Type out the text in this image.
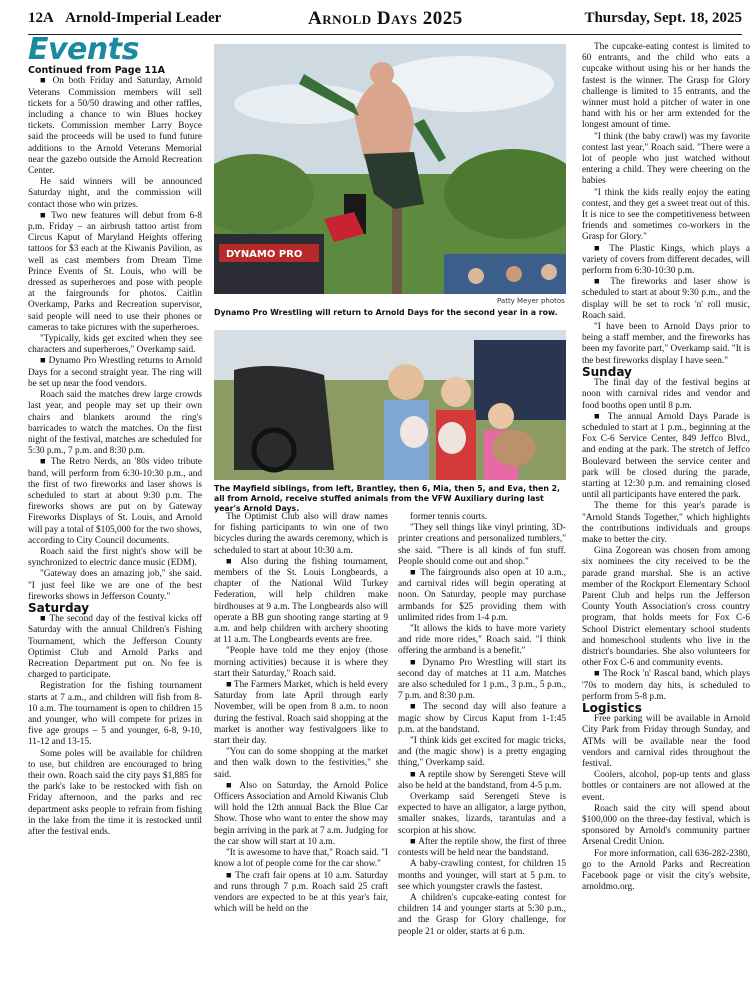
12A Arnold-Imperial Leader	Arnold Days 2025	Thursday, Sept. 18, 2025
Events

Continued from Page 11A

■ On both Friday and Saturday, Arnold Veterans Commission members will sell tickets for a 50/50 drawing and other raffles, including a chance to win Blues hockey tickets. Commission member Larry Boyce said the proceeds will be used to fund future additions to the Arnold Veterans Memorial near the gazebo outside the Arnold Recreation Center.

He said winners will be announced Saturday night, and the commission will contact those who win prizes.

■ Two new features will debut from 6-8 p.m. Friday – an airbrush tattoo artist from Circus Kaput of Maryland Heights offering tattoos for $3 each at the Kiwanis Pavilion, as well as cast members from Dream Time Prince Events of St. Louis, who will be dressed as superheroes and pose with people at the fairgrounds for photos. Caitlin Overkamp, Parks and Recreation supervisor, said people will need to use their phones or cameras to take pictures with the superheroes.

"Typically, kids get excited when they see characters and superheroes," Overkamp said.

■ Dynamo Pro Wrestling returns to Arnold Days for a second straight year. The ring will be set up near the food vendors.

Roach said the matches drew large crowds last year, and people may set up their own chairs and blankets around the ring's barricades to watch the matches. On the first night of the festival, matches are scheduled for 5:30 p.m., 7 p.m. and 8:30 p.m.

■ The Retro Nerds, an '80s video tribute band, will perform from 6:30-10:30 p.m., and the first of two fireworks and laser shows is scheduled to start at about 9:30 p.m. The fireworks shows are put on by Gateway Fireworks Displays of St. Louis, and Arnold will pay a total of $105,000 for the two shows, according to City Council documents.

Roach said the first night's show will be synchronized to electric dance music (EDM).

"Gateway does an amazing job," she said. "I just feel like we are one of the best fireworks shows in Jefferson County."

Saturday

■ The second day of the festival kicks off Saturday with the annual Children's Fishing Tournament, which the Jefferson County Optimist Club and Arnold Parks and Recreation Department put on. No fee is charged to participate.

Registration for the fishing tournament starts at 7 a.m., and children will fish from 8-10 a.m. The tournament is open to children 15 and younger, who will compete for prizes in five age groups – 5 and younger, 6-8, 9-10, 11-12 and 13-15.

Some poles will be available for children to use, but children are encouraged to bring their own. Roach said the city pays $1,885 for the park's lake to be restocked with fish on Friday afternoon, and the parks and rec department asks people to refrain from fishing in the lake from the time it is restocked until after the festival ends.

DYNAMO PRO
Patty Meyer photos
Dynamo Pro Wrestling will return to Arnold Days for the second year in a row.
The Mayfield siblings, from left, Brantley, then 6, Mia, then 5, and Eva, then 2, all from Arnold, receive stuffed animals from the VFW Auxiliary during last year's Arnold Days.

The Optimist Club also will draw names for fishing participants to win one of two bicycles during the awards ceremony, which is scheduled to start at about 10:30 a.m.

■ Also during the fishing tournament, members of the St. Louis Longbeards, a chapter of the National Wild Turkey Federation, will help children make birdhouses at 9 a.m. The Longbeards also will operate a BB gun shooting range starting at 9 a.m. and help children with archery shooting at 11 a.m. The Longbeards events are free.

"People have told me they enjoy (those morning activities) because it is where they start their Saturday," Roach said.

■ The Farmers Market, which is held every Saturday from late April through early November, will be open from 8 a.m. to noon during the festival. Roach said shopping at the market is another way festivalgoers like to start their day.

"You can do some shopping at the market and then walk down to the festivities," she said.

■ Also on Saturday, the Arnold Police Officers Association and Arnold Kiwanis Club will hold the 12th annual Back the Blue Car Show. Those who want to enter the show may begin arriving in the park at 7 a.m. Judging for the car show will start at 10 a.m.

"It is awesome to have that," Roach said. "I know a lot of people come for the car show."

■ The craft fair opens at 10 a.m. Saturday and runs through 7 p.m. Roach said 25 craft vendors are expected to be at this year's fair, which will be held on the

former tennis courts.

"They sell things like vinyl printing, 3D-printer creations and personalized tumblers," she said. "There is all kinds of fun stuff. People should come out and shop."

■ The fairgrounds also open at 10 a.m., and carnival rides will begin operating at noon. On Saturday, people may purchase armbands for $25 providing them with unlimited rides from 1-4 p.m.

"It allows the kids to have more variety and ride more rides," Roach said. "I think offering the armband is a benefit."

■ Dynamo Pro Wrestling will start its second day of matches at 11 a.m. Matches are also scheduled for 1 p.m., 3 p.m., 5 p.m., 7 p.m. and 8:30 p.m.

■ The second day will also feature a magic show by Circus Kaput from 1-1:45 p.m. at the bandstand.

"I think kids get excited for magic tricks, and (the magic show) is a pretty engaging thing," Overkamp said.

■ A reptile show by Serengeti Steve will also be held at the bandstand, from 4-5 p.m.

Overkamp said Serengeti Steve is expected to have an alligator, a large python, smaller snakes, lizards, tarantulas and a scorpion at his show.

■ After the reptile show, the first of three contests will be held near the bandstand.

A baby-crawling contest, for children 15 months and younger, will start at 5 p.m. to see which youngster crawls the fastest.

A children's cupcake-eating contest for children 14 and younger starts at 5:30 p.m., and the Grasp for Glory challenge, for people 21 or older, starts at 6 p.m.

The cupcake-eating contest is limited to 60 entrants, and the child who eats a cupcake without using his or her hands the fastest is the winner. The Grasp for Glory challenge is limited to 15 entrants, and the winner must hold a pitcher of water in one hand with his or her arm extended for the longest amount of time.

"I think (the baby crawl) was my favorite contest last year," Roach said. "There were a lot of people who just watched without entering a child. They were cheering on the babies

"I think the kids really enjoy the eating contest, and they get a sweet treat out of this. It is nice to see the competitiveness between friends and sometimes co-workers in the Grasp for Glory."

■ The Plastic Kings, which plays a variety of covers from different decades, will perform from 6:30-10:30 p.m.

■ The fireworks and laser show is scheduled to start at about 9:30 p.m., and the display will be set to rock 'n' roll music, Roach said.

"I have been to Arnold Days prior to being a staff member, and the fireworks has been my favorite part," Overkamp said. "It is the best fireworks display I have seen."

Sunday

The final day of the festival begins at noon with carnival rides and vendor and food booths open until 8 p.m.

■ The annual Arnold Days Parade is scheduled to start at 1 p.m., beginning at the Fox C-6 Service Center, 849 Jeffco Blvd., and ending at the park. The stretch of Jeffco Boulevard between the service center and park will be closed during the parade, starting at 12:30 p.m. and remaining closed until all participants have entered the park.

The theme for this year's parade is "Arnold Stands Together," which highlights the contributions individuals and groups make to better the city.

Gina Zogorean was chosen from among six nominees the city received to be the parade grand marshal. She is an active member of the Rockport Elementary School Parent Club and helps run the Jefferson County Youth Association's cross country program, that holds meets for Fox C-6 School District elementary school students and homeschool students who live in the district's boundaries. She also volunteers for other Fox C-6 and community events.

■ The Rock 'n' Rascal band, which plays '70s to modern day hits, is scheduled to perform from 5-8 p.m.

Logistics

Free parking will be available in Arnold City Park from Friday through Sunday, and ATMs will be available near the food vendors and carnival rides throughout the festival.

Coolers, alcohol, pop-up tents and glass bottles or containers are not allowed at the event.

Roach said the city will spend about $100,000 on the three-day festival, which is sponsored by Arnold's community partner Arsenal Credit Union.

For more information, call 636-282-2380, go to the Arnold Parks and Recreation Facebook page or visit the city's website, arnoldmo.org.
